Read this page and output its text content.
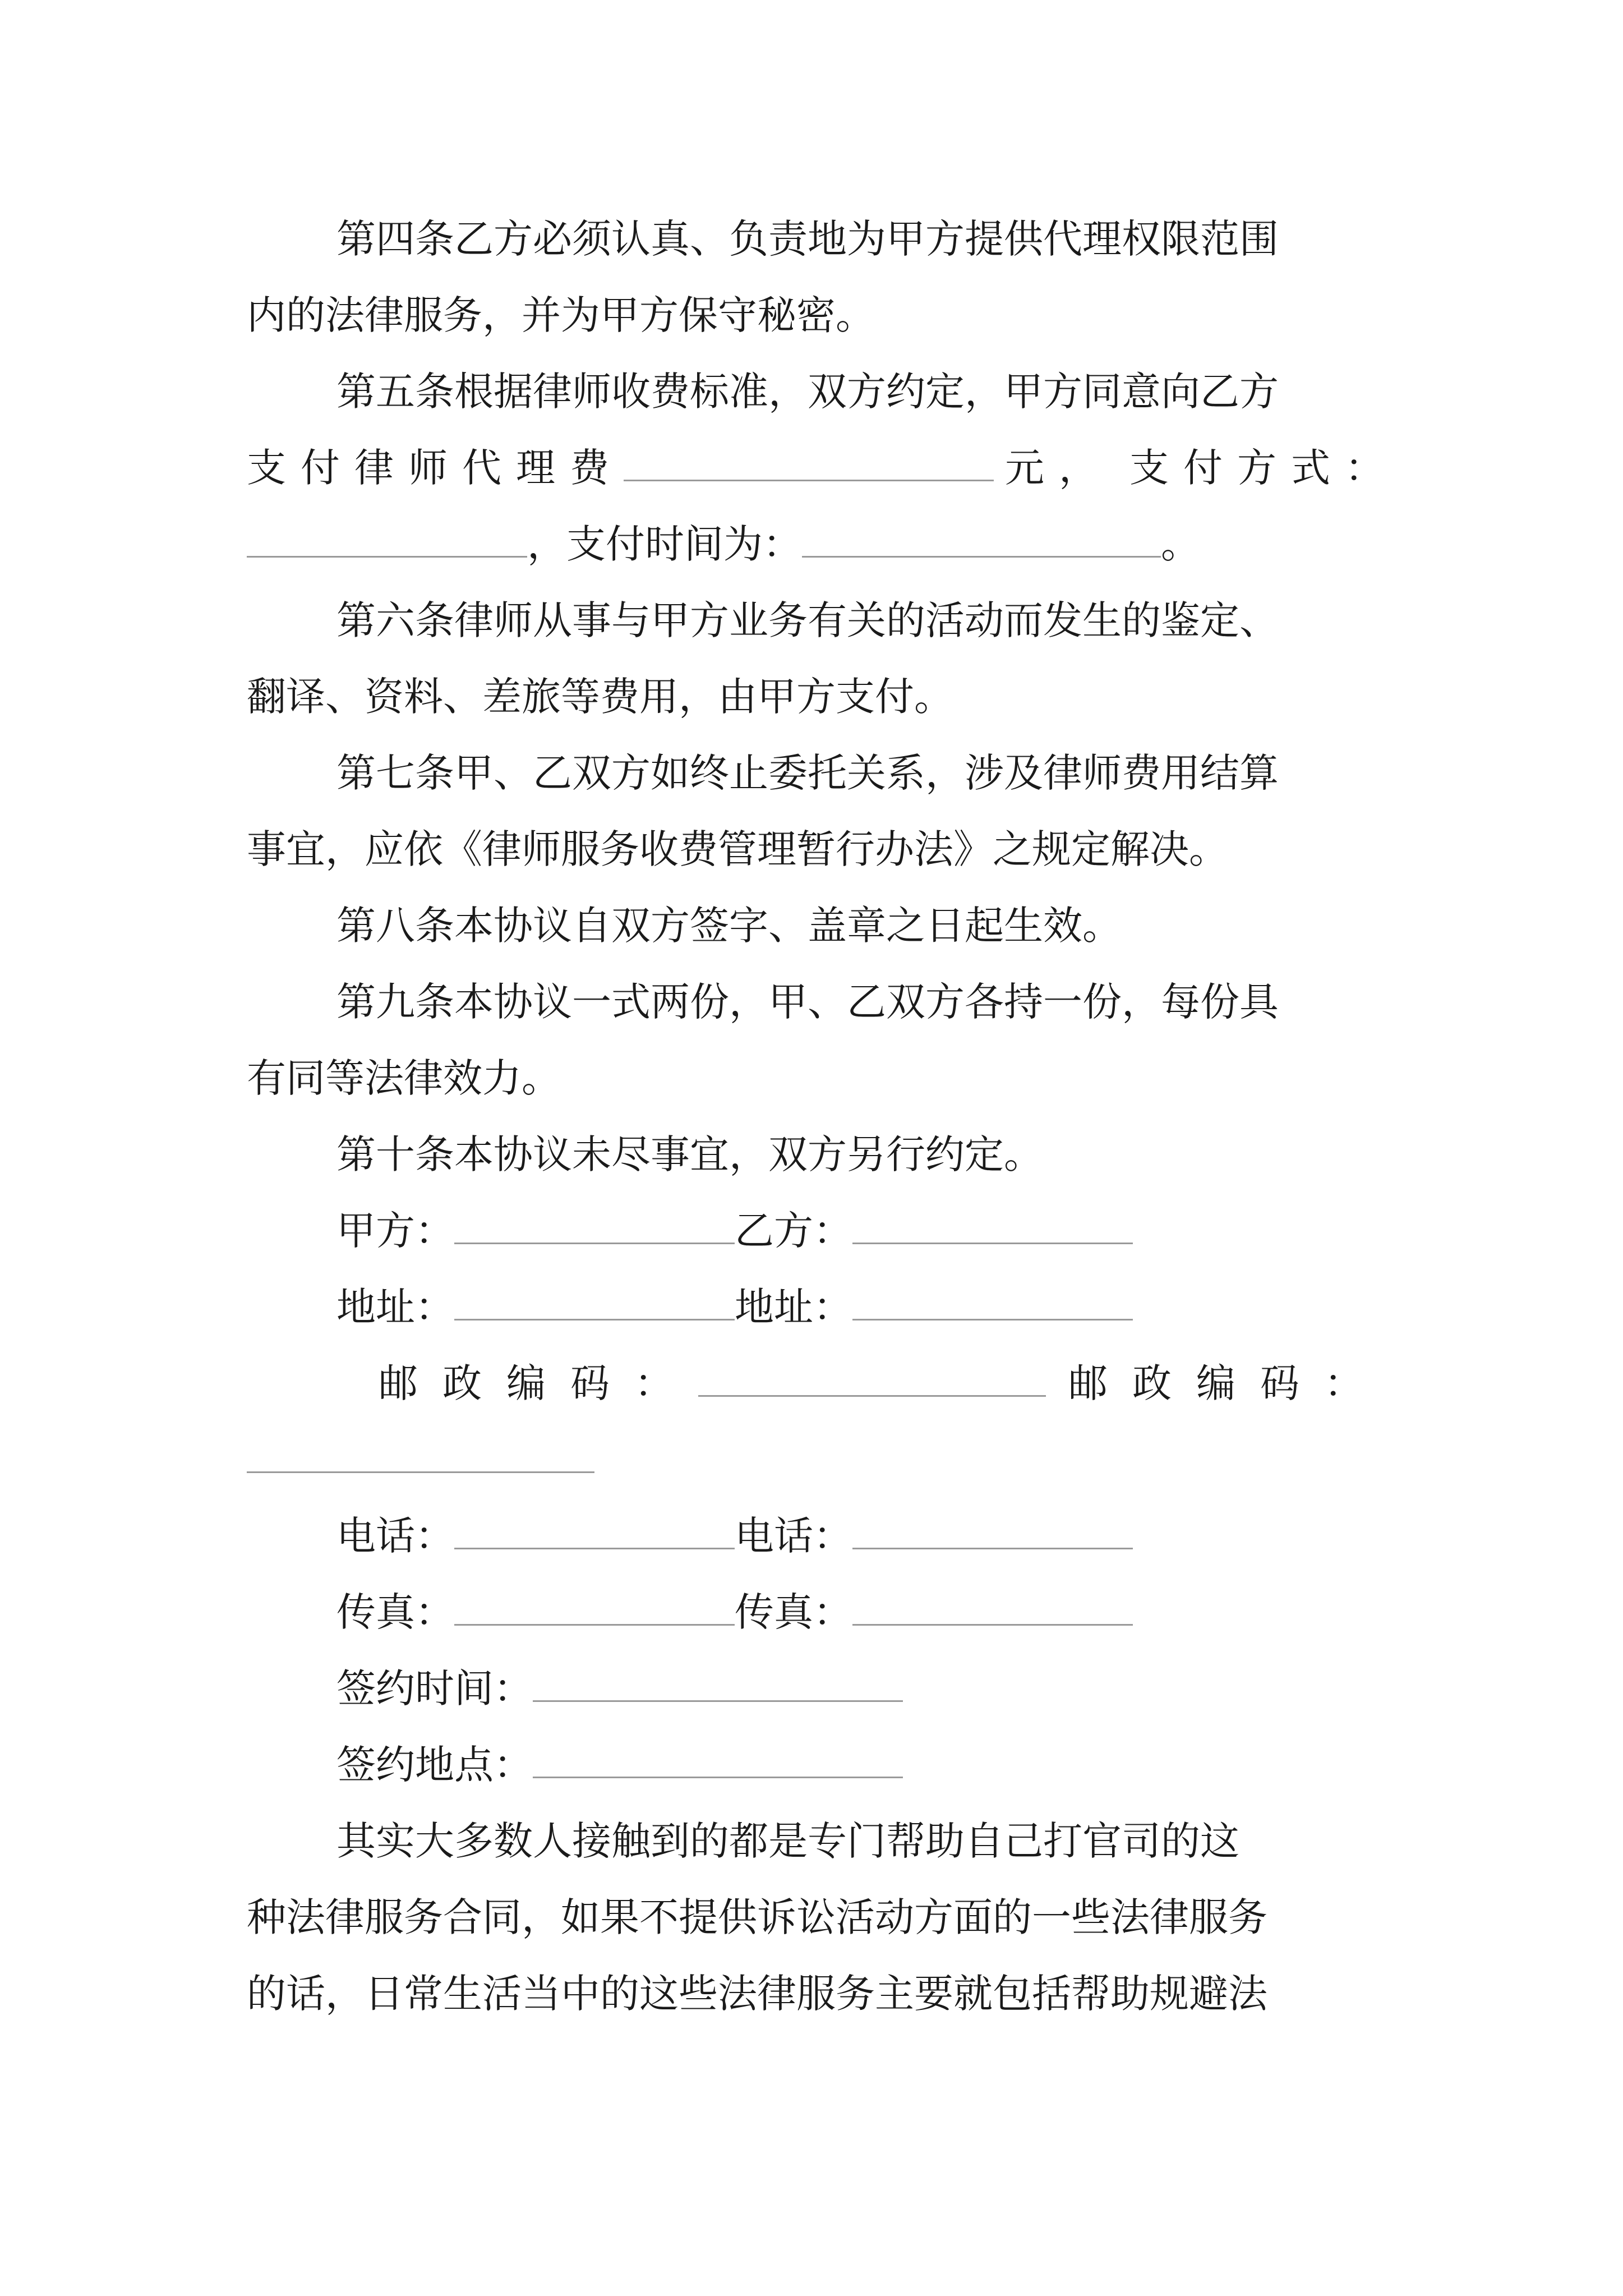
第四条乙方必须认真、负责地为甲方提供代理权限范围
内的法律服务，并为甲方保守秘密。
第五条根据律师收费标准，双方约定，甲方同意向乙方
支付律师代理费	元， 支付方式：
，支付时间为：	。
第六条律师从事与甲方业务有关的活动而发生的鉴定、
翻译、资料、差旅等费用，由甲方支付。
第七条甲、乙双方如终止委托关系，涉及律师费用结算
事宜，应依《律师服务收费管理暂行办法》之规定解决。
第八条本协议自双方签字、盖章之日起生效。
第九条本协议一式两份，甲、乙双方各持一份，每份具
有同等法律效力。
第十条本协议未尽事宜，双方另行约定。
甲方：	乙方：
地址：	地址：
邮政编码：	邮政编码：
电话：	电话：
传真：	传真：
签约时间：
签约地点：
其实大多数人接触到的都是专门帮助自己打官司的这
种法律服务合同，如果不提供诉讼活动方面的一些法律服务
的话，日常生活当中的这些法律服务主要就包括帮助规避法
